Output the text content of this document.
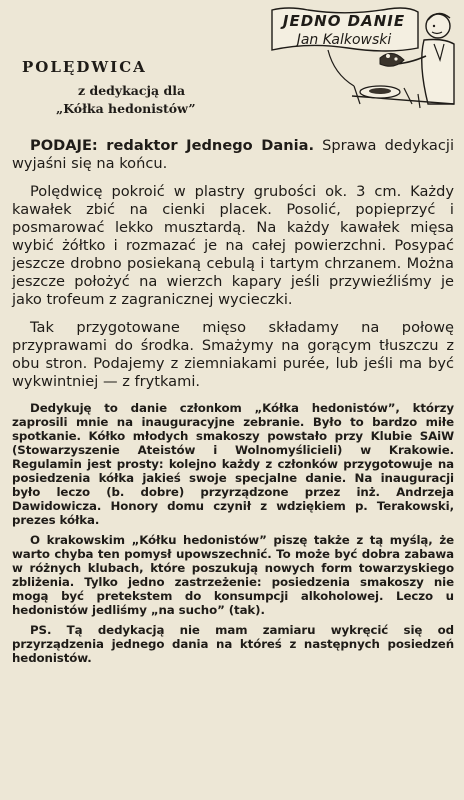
JEDNO DANIE
Jan Kalkowski
POLĘDWICA
z dedykacją dla
„Kółka hedonistów”

PODAJE: redaktor Jednego Dania. Sprawa dedykacji wyjaśni się na końcu.

Polędwicę pokroić w plastry grubości ok. 3 cm. Każdy kawałek zbić na cienki placek. Posolić, popieprzyć i posmarować lekko musztardą. Na każdy kawałek mięsa wybić żółtko i rozmazać je na całej powierzchni. Posypać jeszcze drobno posiekaną cebulą i tartym chrzanem. Można jeszcze położyć na wierzch kapary jeśli przywieźliśmy je jako trofeum z zagranicznej wycieczki.

Tak przygotowane mięso składamy na połowę przyprawami do środka. Smażymy na gorącym tłuszczu z obu stron. Podajemy z ziemniakami purée, lub jeśli ma być wykwintniej — z frytkami.

Dedykuję to danie członkom „Kółka hedonistów”, którzy zaprosili mnie na inauguracyjne zebranie. Było to bardzo miłe spotkanie. Kółko młodych smakoszy powstało przy Klubie SAiW (Stowarzyszenie Ateistów i Wolnomyślicieli) w Krakowie. Regulamin jest prosty: kolejno każdy z członków przygotowuje na posiedzenia kółka jakieś swoje specjalne danie. Na inauguracji było leczo (b. dobre) przyrządzone przez inż. Andrzeja Dawidowicza. Honory domu czynił z wdziękiem p. Terakowski, prezes kółka.

O krakowskim „Kółku hedonistów” piszę także z tą myślą, że warto chyba ten pomysł upowszechnić. To może być dobra zabawa w różnych klubach, które poszukują nowych form towarzyskiego zbliżenia. Tylko jedno zastrzeżenie: posiedzenia smakoszy nie mogą być pretekstem do konsumpcji alkoholowej. Leczo u hedonistów jedliśmy „na sucho” (tak).

PS. Tą dedykacją nie mam zamiaru wykręcić się od przyrządzenia jednego dania na któreś z następnych posiedzeń hedonistów.
